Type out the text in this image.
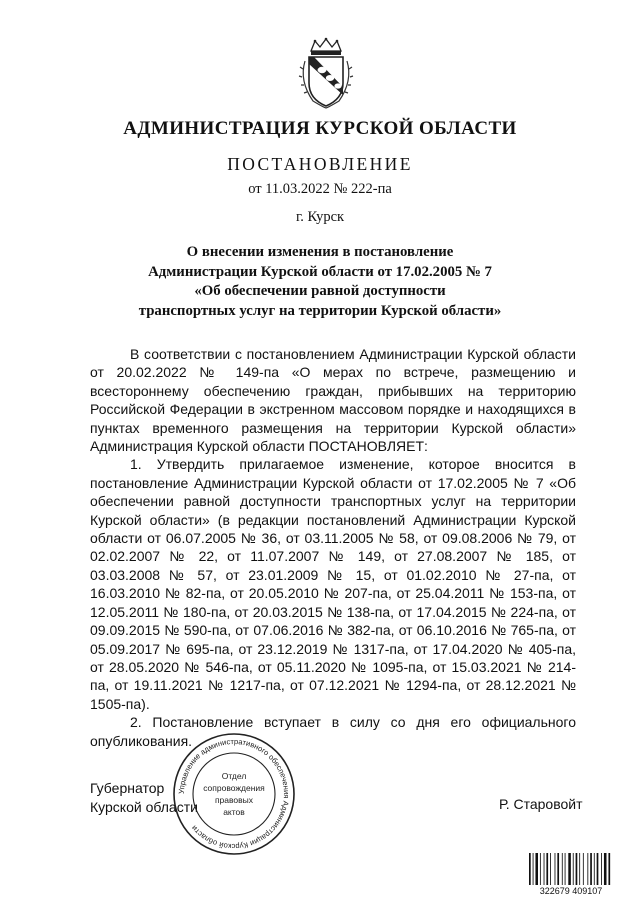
АДМИНИСТРАЦИЯ КУРСКОЙ ОБЛАСТИ
ПОСТАНОВЛЕНИЕ
от 11.03.2022 № 222-па
г. Курск
О внесении изменения в постановление
Администрации Курской области от 17.02.2005 № 7
«Об обеспечении равной доступности
транспортных услуг на территории Курской области»

В соответствии с постановлением Администрации Курской области от 20.02.2022 № 149-па «О мерах по встрече, размещению и всестороннему обеспечению граждан, прибывших на территорию Российской Федерации в экстренном массовом порядке и находящихся в пунктах временного размещения на территории Курской области» Администрация Курской области ПОСТАНОВЛЯЕТ:

1. Утвердить прилагаемое изменение, которое вносится в постановление Администрации Курской области от 17.02.2005 № 7 «Об обеспечении равной доступности транспортных услуг на территории Курской области» (в редакции постановлений Администрации Курской области от 06.07.2005 № 36, от 03.11.2005 № 58, от 09.08.2006 № 79, от 02.02.2007 № 22, от 11.07.2007 № 149, от 27.08.2007 № 185, от 03.03.2008 № 57, от 23.01.2009 № 15, от 01.02.2010 № 27-па, от 16.03.2010 № 82-па, от 20.05.2010 № 207-па, от 25.04.2011 № 153-па, от 12.05.2011 № 180-па, от 20.03.2015 № 138-па, от 17.04.2015 № 224-па, от 09.09.2015 № 590-па, от 07.06.2016 № 382-па, от 06.10.2016 № 765-па, от 05.09.2017 № 695-па, от 23.12.2019 № 1317-па, от 17.04.2020 № 405-па, от 28.05.2020 № 546-па, от 05.11.2020 № 1095-па, от 15.03.2021 № 214-па, от 19.11.2021 № 1217-па, от 07.12.2021 № 1294-па, от 28.12.2021 № 1505-па).

2. Постановление вступает в силу со дня его официального опубликования.

Губернатор
Курской области
Управление административного обеспечения Администрации Курской области
Отдел
сопровождения
правовых
актов	Р. Старовойт
322679 409107
